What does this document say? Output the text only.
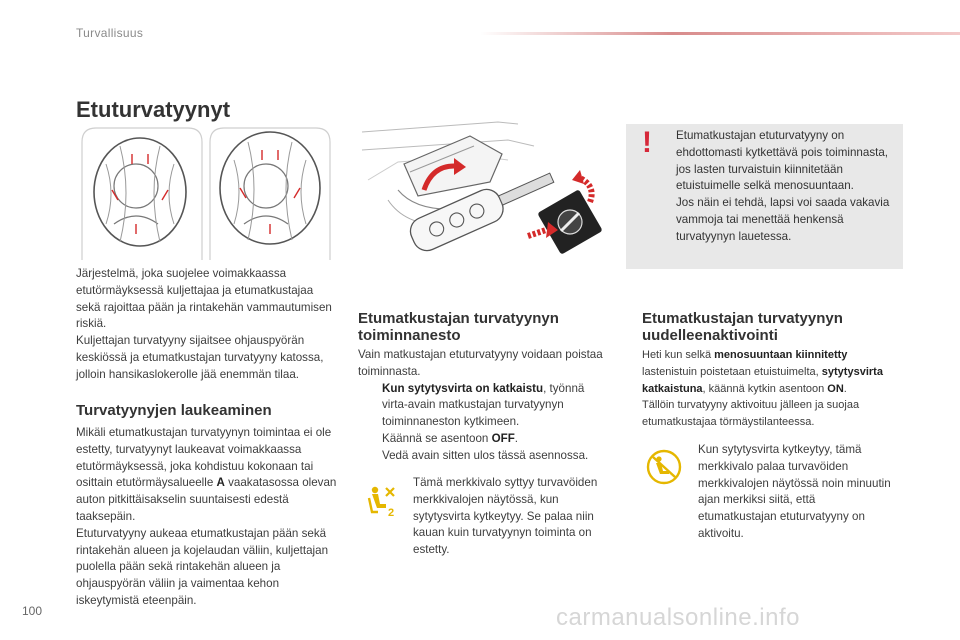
Turvallisuus
Etuturvatyynyt

Järjestelmä, joka suojelee voimakkaassa etutörmäyksessä kuljettajaa ja etumatkustajaa sekä rajoittaa pään ja rintakehän vammautumisen riskiä.

Kuljettajan turvatyyny sijaitsee ohjauspyörän keskiössä ja etumatkustajan turvatyyny katossa, jolloin hansikaslokerolle jää enemmän tilaa.

Turvatyynyjen laukeaminen

Mikäli etumatkustajan turvatyynyn toimintaa ei ole estetty, turvatyynyt laukeavat voimakkaassa etutörmäyksessä, joka kohdistuu kokonaan tai osittain etutörmäysalueelle A vaakatasossa olevan auton pitkittäisakselin suuntaisesti edestä taaksepäin.

Etuturvatyyny aukeaa etumatkustajan pään sekä rintakehän alueen ja kojelaudan väliin, kuljettajan puolella pään sekä rintakehän alueen ja ohjauspyörän väliin ja vaimentaa kehon iskeytymistä eteenpäin.

Etumatkustajan turvatyynyn
toiminnanesto

Vain matkustajan etuturvatyyny voidaan poistaa toiminnasta.

Kun sytytysvirta on katkaistu, työnnä virta-avain matkustajan turvatyynyn toiminnaneston kytkimeen.
Käännä se asentoon OFF.
Vedä avain sitten ulos tässä asennossa.
2
Tämä merkkivalo syttyy turvavöiden merkkivalojen näytössä, kun sytytysvirta kytkeytyy. Se palaa niin kauan kuin turvatyynyn toiminta on estetty.
! Etumatkustajan etuturvatyyny on ehdottomasti kytkettävä pois toiminnasta, jos lasten turvaistuin kiinnitetään etuistuimelle selkä menosuuntaan.

Jos näin ei tehdä, lapsi voi saada vakavia vammoja tai menettää henkensä turvatyynyn lauetessa.

Etumatkustajan turvatyynyn
uudelleenaktivointi

Heti kun selkä menosuuntaan kiinnitetty lastenistuin poistetaan etuistuimelta, sytytysvirta katkaistuna, käännä kytkin asentoon ON.

Tällöin turvatyyny aktivoituu jälleen ja suojaa etumatkustajaa törmäystilanteessa.

Kun sytytysvirta kytkeytyy, tämä merkkivalo palaa turvavöiden merkkivalojen näytössä noin minuutin ajan merkiksi siitä, että etumatkustajan etuturvatyyny on aktivoitu.
100	carmanualsonline.info
